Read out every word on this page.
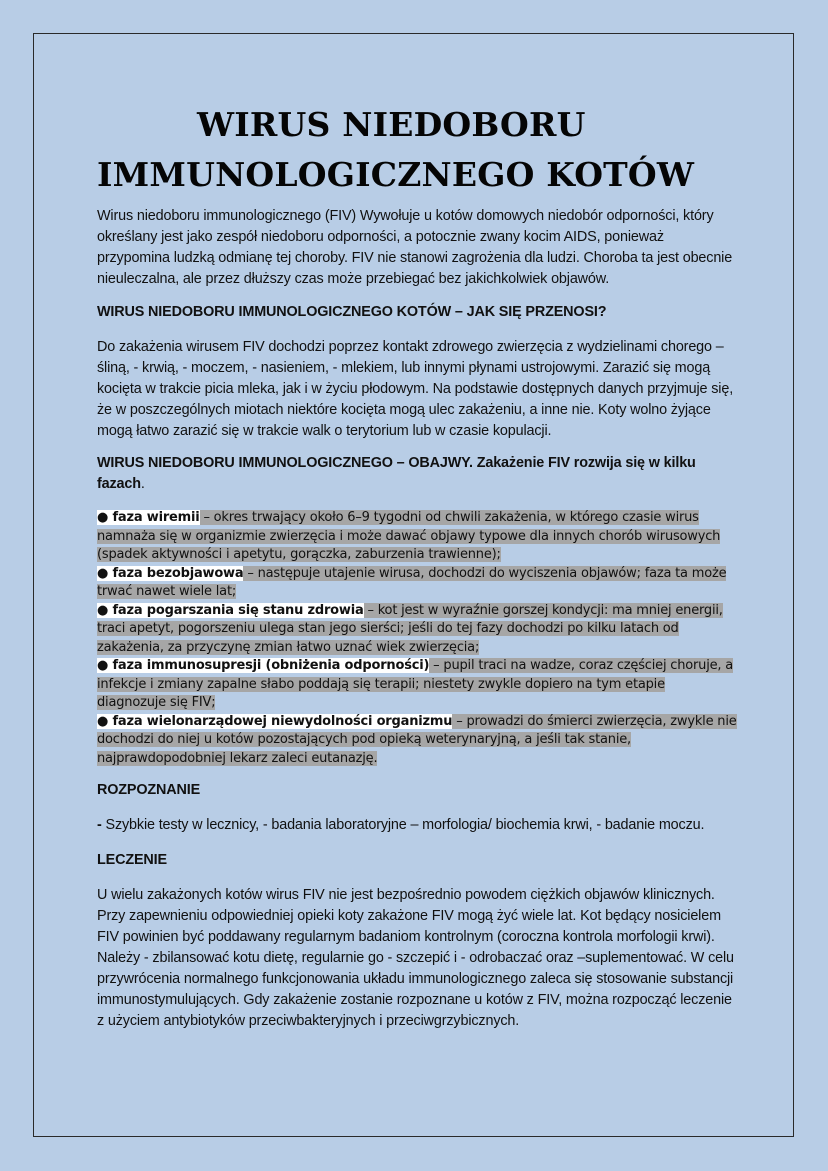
WIRUS NIEDOBORU
IMMUNOLOGICZNEGO KOTÓW

Wirus niedoboru immunologicznego (FIV) Wywołuje u kotów domowych niedobór odporności, który określany jest jako zespół niedoboru odporności, a potocznie zwany kocim AIDS, ponieważ przypomina ludzką odmianę tej choroby. FIV nie stanowi zagrożenia dla ludzi. Choroba ta jest obecnie nieuleczalna, ale przez dłuższy czas może przebiegać bez jakichkolwiek objawów.

WIRUS NIEDOBORU IMMUNOLOGICZNEGO KOTÓW – JAK SIĘ PRZENOSI?

Do zakażenia wirusem FIV dochodzi poprzez kontakt zdrowego zwierzęcia z wydzielinami chorego – śliną, - krwią, - moczem, - nasieniem, - mlekiem, lub innymi płynami ustrojowymi. Zarazić się mogą kocięta w trakcie picia mleka, jak i w życiu płodowym. Na podstawie dostępnych danych przyjmuje się, że w poszczególnych miotach niektóre kocięta mogą ulec zakażeniu, a inne nie. Koty wolno żyjące mogą łatwo zarazić się w trakcie walk o terytorium lub w czasie kopulacji.

WIRUS NIEDOBORU IMMUNOLOGICZNEGO – OBAJWY. Zakażenie FIV rozwija się w kilku fazach.

● faza wiremii – okres trwający około 6–9 tygodni od chwili zakażenia, w którego czasie wirus namnaża się w organizmie zwierzęcia i może dawać objawy typowe dla innych chorób wirusowych (spadek aktywności i apetytu, gorączka, zaburzenia trawienne);
● faza bezobjawowa – następuje utajenie wirusa, dochodzi do wyciszenia objawów; faza ta może trwać nawet wiele lat;
● faza pogarszania się stanu zdrowia – kot jest w wyraźnie gorszej kondycji: ma mniej energii, traci apetyt, pogorszeniu ulega stan jego sierści; jeśli do tej fazy dochodzi po kilku latach od zakażenia, za przyczynę zmian łatwo uznać wiek zwierzęcia;
● faza immunosupresji (obniżenia odporności) – pupil traci na wadze, coraz częściej choruje, a infekcje i zmiany zapalne słabo poddają się terapii; niestety zwykle dopiero na tym etapie diagnozuje się FIV;
● faza wielonarządowej niewydolności organizmu – prowadzi do śmierci zwierzęcia, zwykle nie dochodzi do niej u kotów pozostających pod opieką weterynaryjną, a jeśli tak stanie, najprawdopodobniej lekarz zaleci eutanazję.

ROZPOZNANIE

- Szybkie testy w lecznicy, - badania laboratoryjne – morfologia/ biochemia krwi, - badanie moczu.

LECZENIE

U wielu zakażonych kotów wirus FIV nie jest bezpośrednio powodem ciężkich objawów klinicznych. Przy zapewnieniu odpowiedniej opieki koty zakażone FIV mogą żyć wiele lat. Kot będący nosicielem FIV powinien być poddawany regularnym badaniom kontrolnym (coroczna kontrola morfologii krwi). Należy - zbilansować kotu dietę, regularnie go - szczepić i - odrobaczać oraz –suplementować. W celu przywrócenia normalnego funkcjonowania układu immunologicznego zaleca się stosowanie substancji immunostymulujących. Gdy zakażenie zostanie rozpoznane u kotów z FIV, można rozpocząć leczenie z użyciem antybiotyków przeciwbakteryjnych i przeciwgrzybicznych.
